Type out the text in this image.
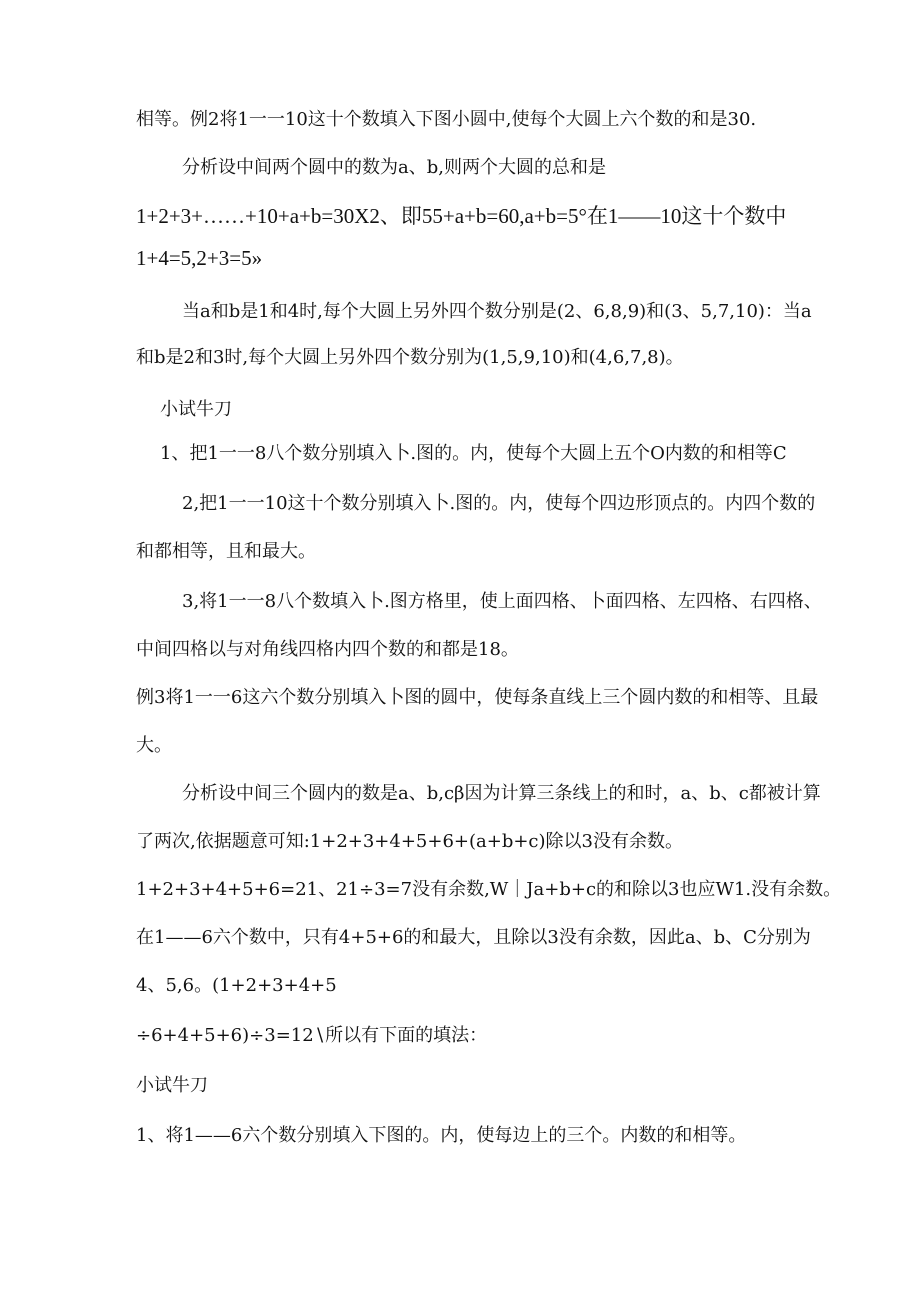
相等。例2将1一一10这十个数填入下图小圆中,使每个大圆上六个数的和是30.
分析设中间两个圆中的数为a、b,则两个大圆的总和是
1+2+3+……+10+a+b=30X2、即55+a+b=60,a+b=5°在1——10这十个数中
1+4=5,2+3=5»
当a和b是1和4时,每个大圆上另外四个数分别是(2、6,8,9)和(3、5,7,10)：当a
和b是2和3时,每个大圆上另外四个数分别为(1,5,9,10)和(4,6,7,8)。
小试牛刀
1、把1一一8八个数分别填入卜.图的。内，使每个大圆上五个O内数的和相等C
2,把1一一10这十个数分别填入卜.图的。内，使每个四边形顶点的。内四个数的
和都相等，且和最大。
3,将1一一8八个数填入卜.图方格里，使上面四格、卜面四格、左四格、右四格、
中间四格以与对角线四格内四个数的和都是18。
例3将1一一6这六个数分别填入卜图的圆中，使每条直线上三个圆内数的和相等、且最
大。
分析设中间三个圆内的数是a、b,cβ因为计算三条线上的和时，a、b、c都被计算
了两次,依据题意可知:1+2+3+4+5+6+(a+b+c)除以3没有余数。
1+2+3+4+5+6=21、21÷3=7没有余数,W｜Ja+b+c的和除以3也应W1.没有余数。
在1——6六个数中，只有4+5+6的和最大，且除以3没有余数，因此a、b、C分别为
4、5,6。(1+2+3+4+5
÷6+4+5+6)÷3=12∖所以有下面的填法：
小试牛刀
1、将1——6六个数分别填入下图的。内，使每边上的三个。内数的和相等。
